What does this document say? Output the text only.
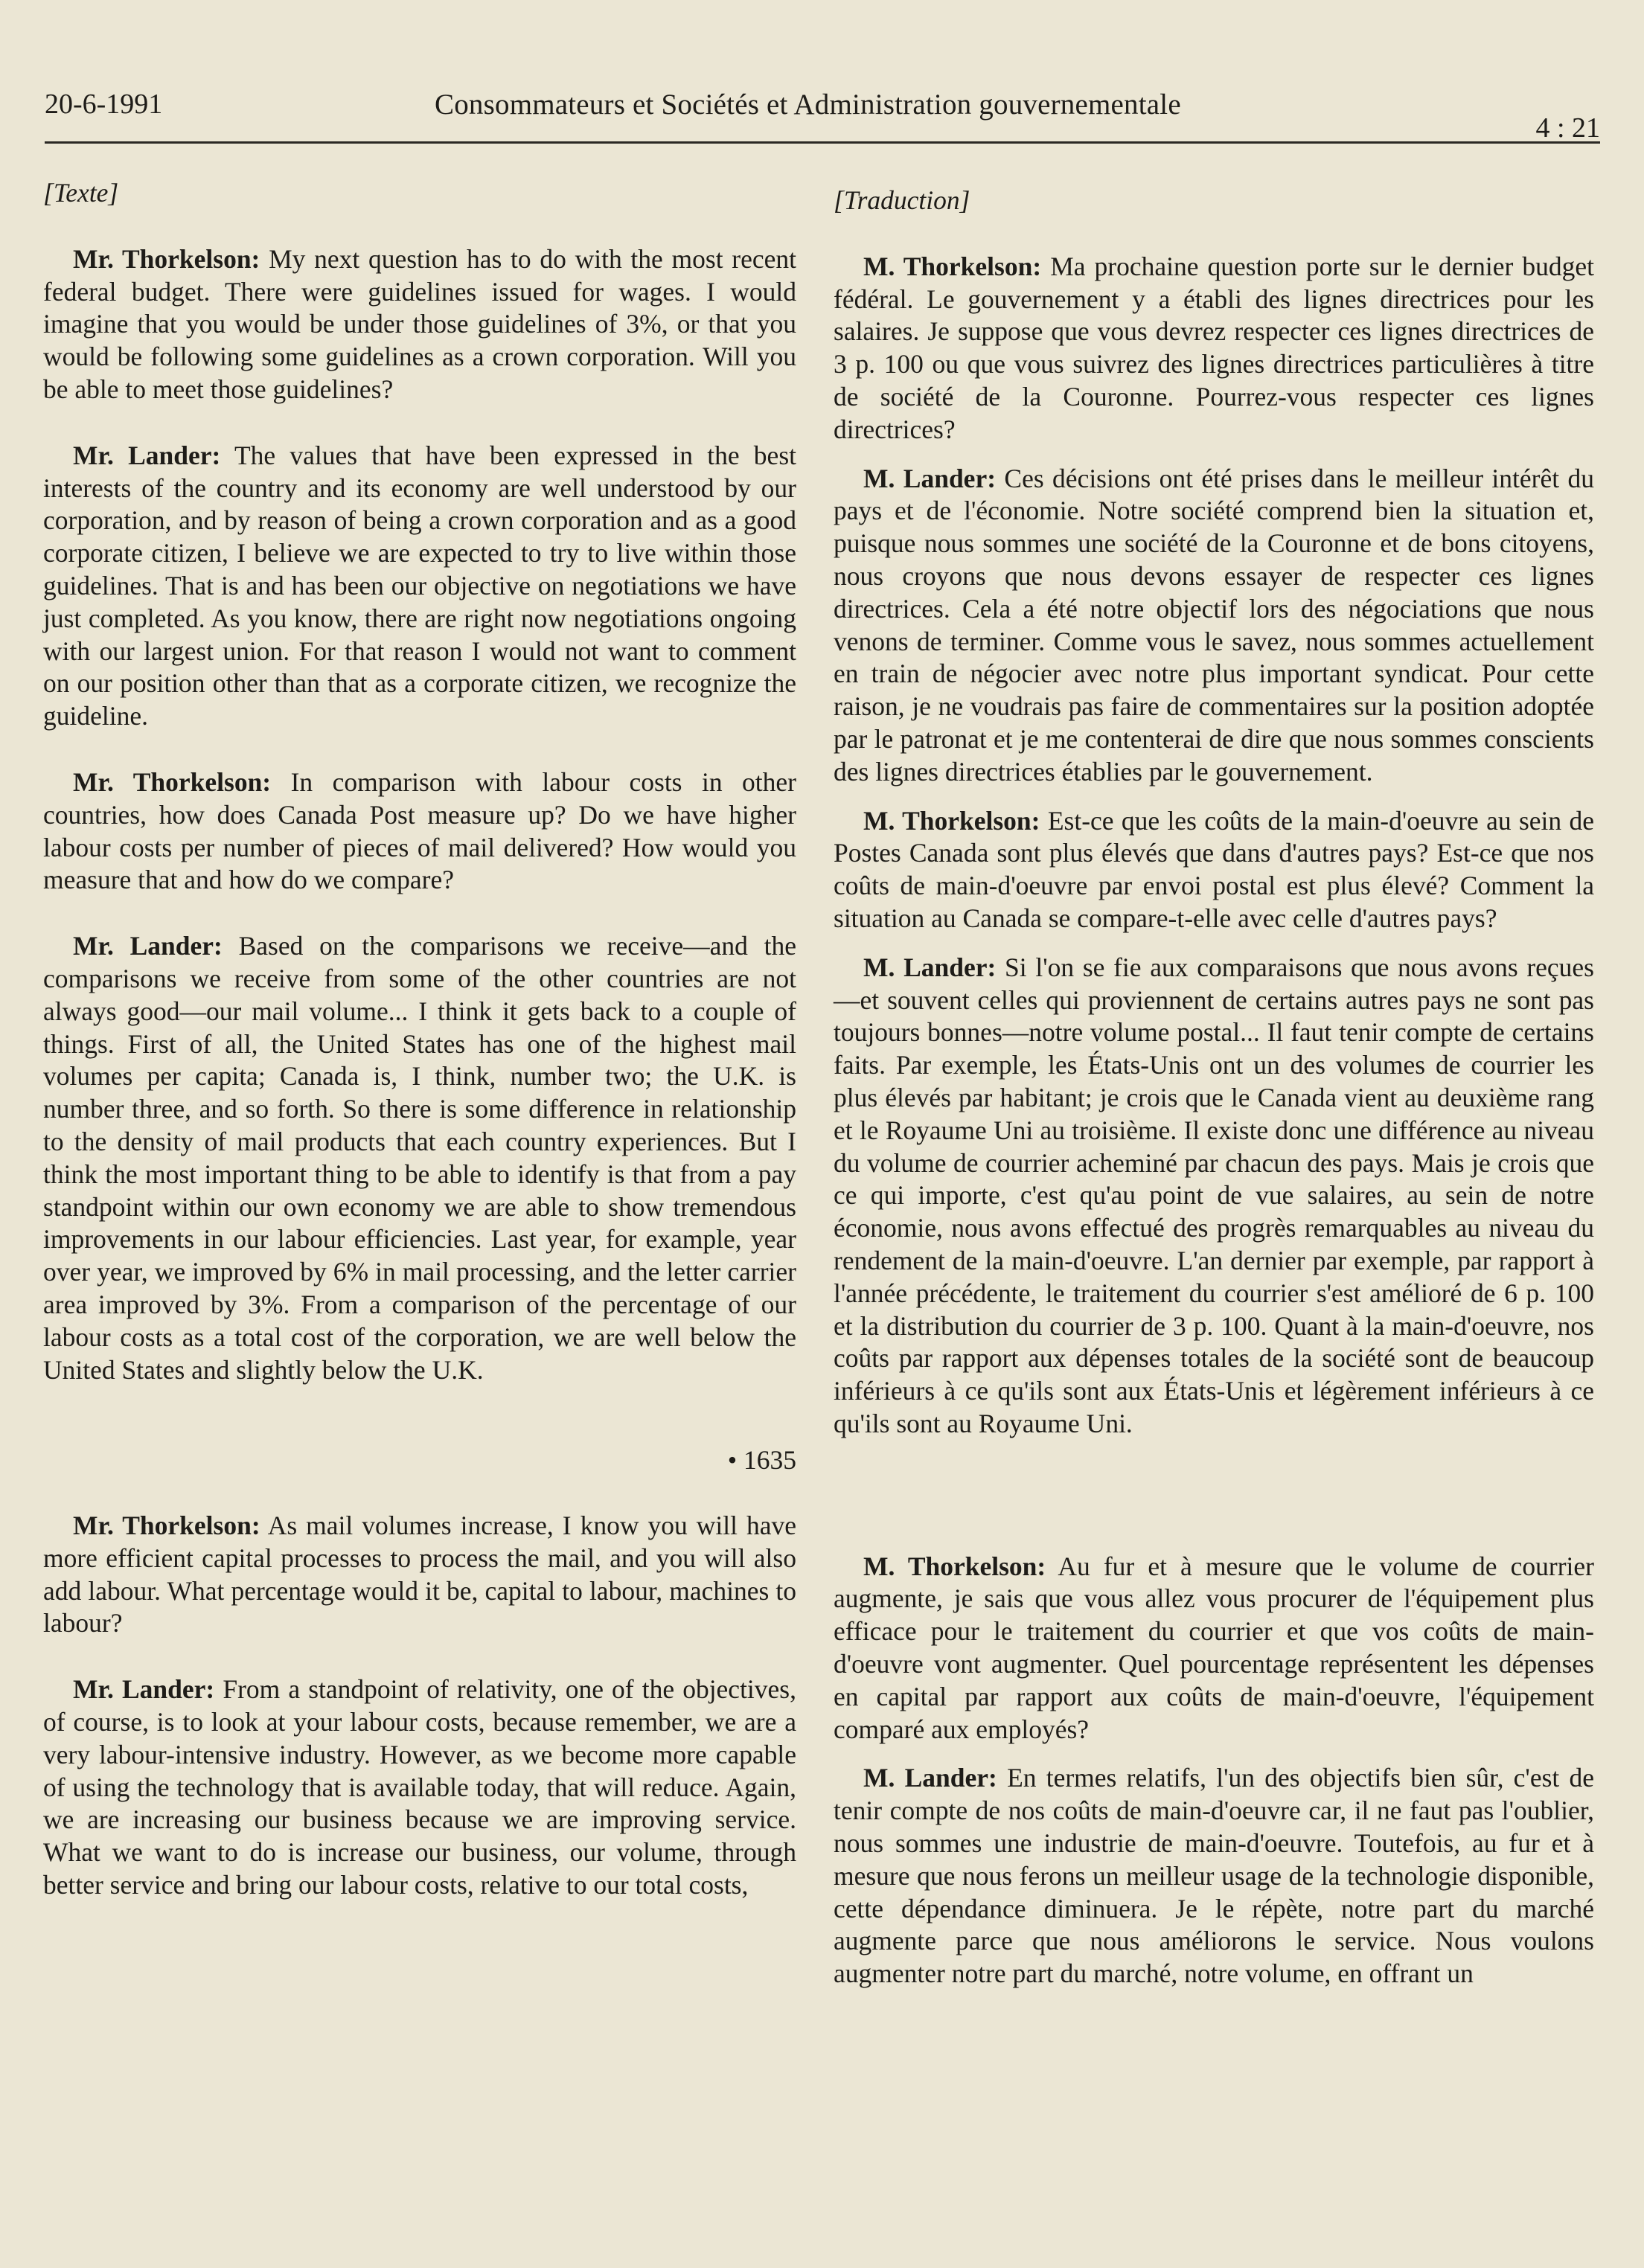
20-6-1991	Consommateurs et Sociétés et Administration gouvernementale
4 : 21

[Texte]

Mr. Thorkelson: My next question has to do with the most recent federal budget. There were guidelines issued for wages. I would imagine that you would be under those guidelines of 3%, or that you would be following some guidelines as a crown corporation. Will you be able to meet those guidelines?

Mr. Lander: The values that have been expressed in the best interests of the country and its economy are well understood by our corporation, and by reason of being a crown corporation and as a good corporate citizen, I believe we are expected to try to live within those guidelines. That is and has been our objective on negotiations we have just completed. As you know, there are right now negotiations ongoing with our largest union. For that reason I would not want to comment on our position other than that as a corporate citizen, we recognize the guideline.

Mr. Thorkelson: In comparison with labour costs in other countries, how does Canada Post measure up? Do we have higher labour costs per number of pieces of mail delivered? How would you measure that and how do we compare?

Mr. Lander: Based on the comparisons we receive—and the comparisons we receive from some of the other countries are not always good—our mail volume... I think it gets back to a couple of things. First of all, the United States has one of the highest mail volumes per capita; Canada is, I think, number two; the U.K. is number three, and so forth. So there is some difference in relationship to the density of mail products that each country experiences. But I think the most important thing to be able to identify is that from a pay standpoint within our own economy we are able to show tremendous improvements in our labour efficiencies. Last year, for example, year over year, we improved by 6% in mail processing, and the letter carrier area improved by 3%. From a comparison of the percentage of our labour costs as a total cost of the corporation, we are well below the United States and slightly below the U.K.

• 1635

Mr. Thorkelson: As mail volumes increase, I know you will have more efficient capital processes to process the mail, and you will also add labour. What percentage would it be, capital to labour, machines to labour?

Mr. Lander: From a standpoint of relativity, one of the objectives, of course, is to look at your labour costs, because remember, we are a very labour-intensive industry. However, as we become more capable of using the technology that is available today, that will reduce. Again, we are increasing our business because we are improving service. What we want to do is increase our business, our volume, through better service and bring our labour costs, relative to our total costs,

[Traduction]

M. Thorkelson: Ma prochaine question porte sur le dernier budget fédéral. Le gouvernement y a établi des lignes directrices pour les salaires. Je suppose que vous devrez respecter ces lignes directrices de 3 p. 100 ou que vous suivrez des lignes directrices particulières à titre de société de la Couronne. Pourrez-vous respecter ces lignes directrices?

M. Lander: Ces décisions ont été prises dans le meilleur intérêt du pays et de l'économie. Notre société comprend bien la situation et, puisque nous sommes une société de la Couronne et de bons citoyens, nous croyons que nous devons essayer de respecter ces lignes directrices. Cela a été notre objectif lors des négociations que nous venons de terminer. Comme vous le savez, nous sommes actuellement en train de négocier avec notre plus important syndicat. Pour cette raison, je ne voudrais pas faire de commentaires sur la position adoptée par le patronat et je me contenterai de dire que nous sommes conscients des lignes directrices établies par le gouvernement.

M. Thorkelson: Est-ce que les coûts de la main-d'oeuvre au sein de Postes Canada sont plus élevés que dans d'autres pays? Est-ce que nos coûts de main-d'oeuvre par envoi postal est plus élevé? Comment la situation au Canada se compare-t-elle avec celle d'autres pays?

M. Lander: Si l'on se fie aux comparaisons que nous avons reçues—et souvent celles qui proviennent de certains autres pays ne sont pas toujours bonnes—notre volume postal... Il faut tenir compte de certains faits. Par exemple, les États-Unis ont un des volumes de courrier les plus élevés par habitant; je crois que le Canada vient au deuxième rang et le Royaume Uni au troisième. Il existe donc une différence au niveau du volume de courrier acheminé par chacun des pays. Mais je crois que ce qui importe, c'est qu'au point de vue salaires, au sein de notre économie, nous avons effectué des progrès remarquables au niveau du rendement de la main-d'oeuvre. L'an dernier par exemple, par rapport à l'année précédente, le traitement du courrier s'est amélioré de 6 p. 100 et la distribution du courrier de 3 p. 100. Quant à la main-d'oeuvre, nos coûts par rapport aux dépenses totales de la société sont de beaucoup inférieurs à ce qu'ils sont aux États-Unis et légèrement inférieurs à ce qu'ils sont au Royaume Uni.

M. Thorkelson: Au fur et à mesure que le volume de courrier augmente, je sais que vous allez vous procurer de l'équipement plus efficace pour le traitement du courrier et que vos coûts de main-d'oeuvre vont augmenter. Quel pourcentage représentent les dépenses en capital par rapport aux coûts de main-d'oeuvre, l'équipement comparé aux employés?

M. Lander: En termes relatifs, l'un des objectifs bien sûr, c'est de tenir compte de nos coûts de main-d'oeuvre car, il ne faut pas l'oublier, nous sommes une industrie de main-d'oeuvre. Toutefois, au fur et à mesure que nous ferons un meilleur usage de la technologie disponible, cette dépendance diminuera. Je le répète, notre part du marché augmente parce que nous améliorons le service. Nous voulons augmenter notre part du marché, notre volume, en offrant un
